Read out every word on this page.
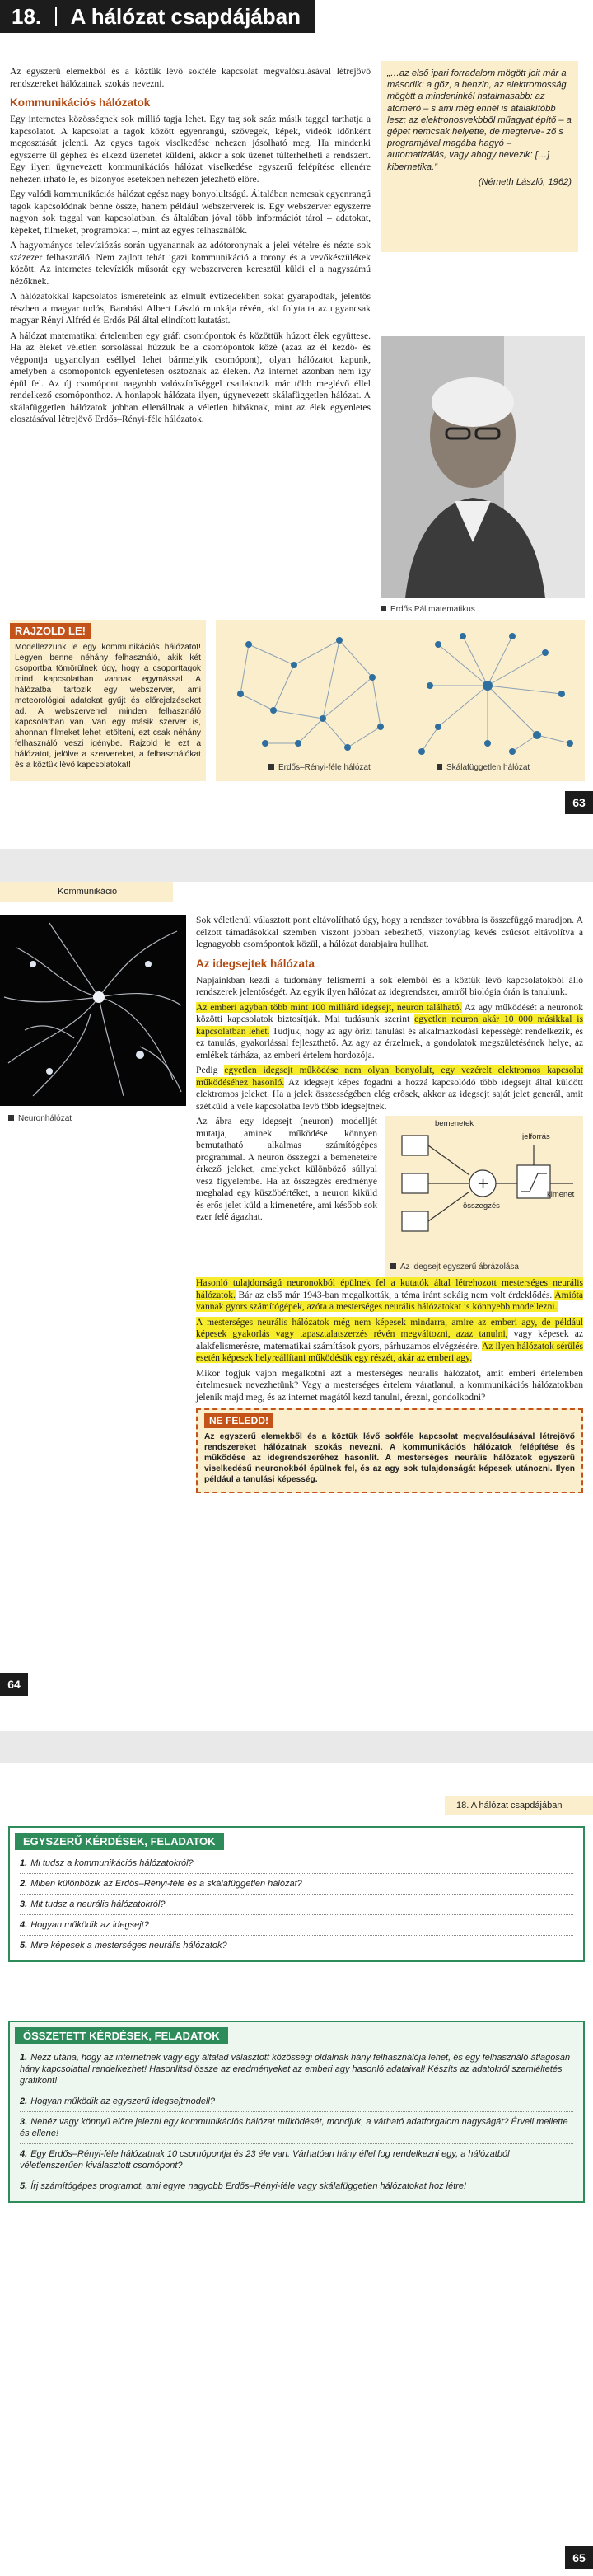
18. A hálózat csapdájában

Az egyszerű elemekből és a köztük lévő sokféle kapcsolat megvalósulásával létrejövő rendszereket hálózatnak szokás nevezni.

Kommunikációs hálózatok

Egy internetes közösségnek sok millió tagja lehet. Egy tag sok száz másik taggal tarthatja a kapcsolatot. A kapcsolat a tagok között egyenrangú, szövegek, képek, videók időnként megosztását jelenti. Az egyes tagok viselkedése nehezen jósolható meg. Ha mindenki egyszerre ül géphez és elkezd üzenetet küldeni, akkor a sok üzenet túlterhelheti a rendszert. Egy ilyen ügynevezett kommunikációs hálózat viselkedése egyszerű felépítése ellenére nehezen írható le, és bizonyos esetekben nehezen jelezhető előre.

Egy valódi kommunikációs hálózat egész nagy bonyolultságú. Általában nemcsak egyenrangú tagok kapcsolódnak benne össze, hanem például webszerverek is. Egy webszerver egyszerre nagyon sok taggal van kapcsolatban, és általában jóval több információt tárol – adatokat, képeket, filmeket, programokat –, mint az egyes felhasználók.

A hagyományos televíziózás során ugyanannak az adótoronynak a jelei vételre és nézte sok százezer felhasználó. Nem zajlott tehát igazi kommunikáció a torony és a vevőkészülékek között. Az internetes televíziók műsorát egy webszerveren keresztül küldi el a nagyszámú nézőknek.

A hálózatokkal kapcsolatos ismereteink az elmúlt évtizedekben sokat gyarapodtak, jelentős részben a magyar tudós, Barabási Albert László munkája révén, aki folytatta az ugyancsak magyar Rényi Alfréd és Erdős Pál által elindított kutatást.

A hálózat matematikai értelemben egy gráf: csomópontok és közöttük húzott élek együttese. Ha az éleket véletlen sorsolással húzzuk be a csomópontok közé (azaz az él kezdő- és végpontja ugyanolyan eséllyel lehet bármelyik csomópont), olyan hálózatot kapunk, amelyben a csomópontok egyenletesen osztoznak az éleken. Az internet azonban nem így épül fel. Az új csomópont nagyobb valószínűséggel csatlakozik már több meglévő éllel rendelkező csomóponthoz. A honlapok hálózata ilyen, úgynevezett skálafüggetlen hálózat. A skálafüggetlen hálózatok jobban ellenállnak a véletlen hibáknak, mint az élek egyenletes elosztásával létrejövő Erdős–Rényi-féle hálózatok.

„…az első ipari forradalom mögött joit már a második: a gőz, a benzin, az elektromosság mögött a mindeninkél hatalmasabb: az atomerő – s ami még ennél is átalakítóbb lesz: az elektronosvekbből műagyat építő – a gépet nemcsak helyette, de megterve- ző s programjával magába hagyó – automatizálás, vagy ahogy nevezik: […] kibernetika.”
(Németh László, 1962)
Erdős Pál matematikus
RAJZOLD LE!
Modellezzünk le egy kommunikációs hálózatot! Legyen benne néhány felhasználó, akik két csoportba tömörülnek úgy, hogy a csoporttagok mind kapcsolatban vannak egymással. A hálózatba tartozik egy webszerver, ami meteorológiai adatokat gyűjt és előrejelzéseket ad. A webszerverrel minden felhasználó kapcsolatban van. Van egy másik szerver is, ahonnan filmeket lehet letölteni, ezt csak néhány felhasználó veszi igénybe. Rajzold le ezt a hálózatot, jelölve a szervereket, a felhasználókat és a köztük lévő kapcsolatokat!	Erdős–Rényi-féle hálózat	Skálafüggetlen hálózat
63
Kommunikáció
Neuronhálózat

Sok véletlenül választott pont eltávolítható úgy, hogy a rendszer továbbra is összefüggő maradjon. A célzott támadásokkal szemben viszont jobban sebezhető, viszonylag kevés csúcsot eltávolítva a legnagyobb csomópontok közül, a hálózat darabjaira hullhat.

Az idegsejtek hálózata

Napjainkban kezdi a tudomány felismerni a sok elemből és a köztük lévő kapcsolatokból álló rendszerek jelentőségét. Az egyik ilyen hálózat az idegrendszer, amiről biológia órán is tanulunk.

Az emberi agyban több mint 100 milliárd idegsejt, neuron található. Az agy működését a neuronok közötti kapcsolatok biztosítják. Mai tudásunk szerint egyetlen neuron akár 10 000 másikkal is kapcsolatban lehet. Tudjuk, hogy az agy őrizi tanulási és alkalmazkodási képességét rendelkezik, és ez tanulás, gyakorlással fejleszthető. Az agy az érzelmek, a gondolatok megszületésének helye, az emlékek tárháza, az emberi értelem hordozója.

Pedig egyetlen idegsejt működése nem olyan bonyolult, egy vezérelt elektromos kapcsolat működéséhez hasonló. Az idegsejt képes fogadni a hozzá kapcsolódó több idegsejt által küldött elektromos jeleket. Ha a jelek összességében elég erősek, akkor az idegsejt saját jelet generál, amit szétküld a vele kapcsolatba levő több idegsejtnek.

Az ábra egy idegsejt (neuron) modelljét mutatja, aminek működése könnyen bemutatható alkalmas számítógépes programmal. A neuron összegzi a bemeneteire érkező jeleket, amelyeket különböző súllyal vesz figyelembe. Ha az összegzés eredménye meghalad egy küszöbértéket, a neuron kiküld és erős jelet küld a kimenetére, ami később sok ezer felé ágazhat.

+
bemenetek
jelforrás
kimenet
összegzés
Az idegsejt egyszerű ábrázolása

Hasonló tulajdonságú neuronokból épülnek fel a kutatók által létrehozott mesterséges neurális hálózatok. Bár az első már 1943-ban megalkották, a téma iránt sokáig nem volt érdeklődés. Amióta vannak gyors számítógépek, azóta a mesterséges neurális hálózatokat is könnyebb modellezni.

A mesterséges neurális hálózatok még nem képesek mindarra, amire az emberi agy, de például képesek gyakorlás vagy tapasztalatszerzés révén megváltozni, azaz tanulni, vagy képesek az alakfelismerésre, matematikai számítások gyors, párhuzamos elvégzésére. Az ilyen hálózatok sérülés esetén képesek helyreállítani működésük egy részét, akár az emberi agy.

Mikor fogjuk vajon megalkotni azt a mesterséges neurális hálózatot, amit emberi értelemben értelmesnek nevezhetünk? Vagy a mesterséges értelem váratlanul, a kommunikációs hálózatokban jelenik majd meg, és az internet magától kezd tanulni, érezni, gondolkodni?

NE FELEDD!
Az egyszerű elemekből és a köztük lévő sokféle kapcsolat megvalósulásával létrejövő rendszereket hálózatnak szokás nevezni. A kommunikációs hálózatok felépítése és működése az idegrendszeréhez hasonlít. A mesterséges neurális hálózatok egyszerű viselkedésű neuronokból épülnek fel, és az agy sok tulajdonságát képesek utánozni. Ilyen például a tanulási képesség.
64
18. A hálózat csapdájában
EGYSZERŰ KÉRDÉSEK, FELADATOK
1. Mi tudsz a kommunikációs hálózatokról?
2. Miben különbözik az Erdős–Rényi-féle és a skálafüggetlen hálózat?
3. Mit tudsz a neurális hálózatokról?
4. Hogyan működik az idegsejt?
5. Mire képesek a mesterséges neurális hálózatok?
ÖSSZETETT KÉRDÉSEK, FELADATOK
1. Nézz utána, hogy az internetnek vagy egy általad választott közösségi oldalnak hány felhasználója lehet, és egy felhasználó átlagosan hány kapcsolattal rendelkezhet! Hasonlítsd össze az eredményeket az emberi agy hasonló adataival! Készíts az adatokról szemléltetés grafikont!
2. Hogyan működik az egyszerű idegsejtmodell?
3. Nehéz vagy könnyű előre jelezni egy kommunikációs hálózat működését, mondjuk, a várható adatforgalom nagyságát? Érveli mellette és ellene!
4. Egy Erdős–Rényi-féle hálózatnak 10 csomópontja és 23 éle van. Várhatóan hány éllel fog rendelkezni egy, a hálózatból véletlenszerűen kiválasztott csomópont?
5. Írj számítógépes programot, ami egyre nagyobb Erdős–Rényi-féle vagy skálafüggetlen hálózatokat hoz létre!
65
